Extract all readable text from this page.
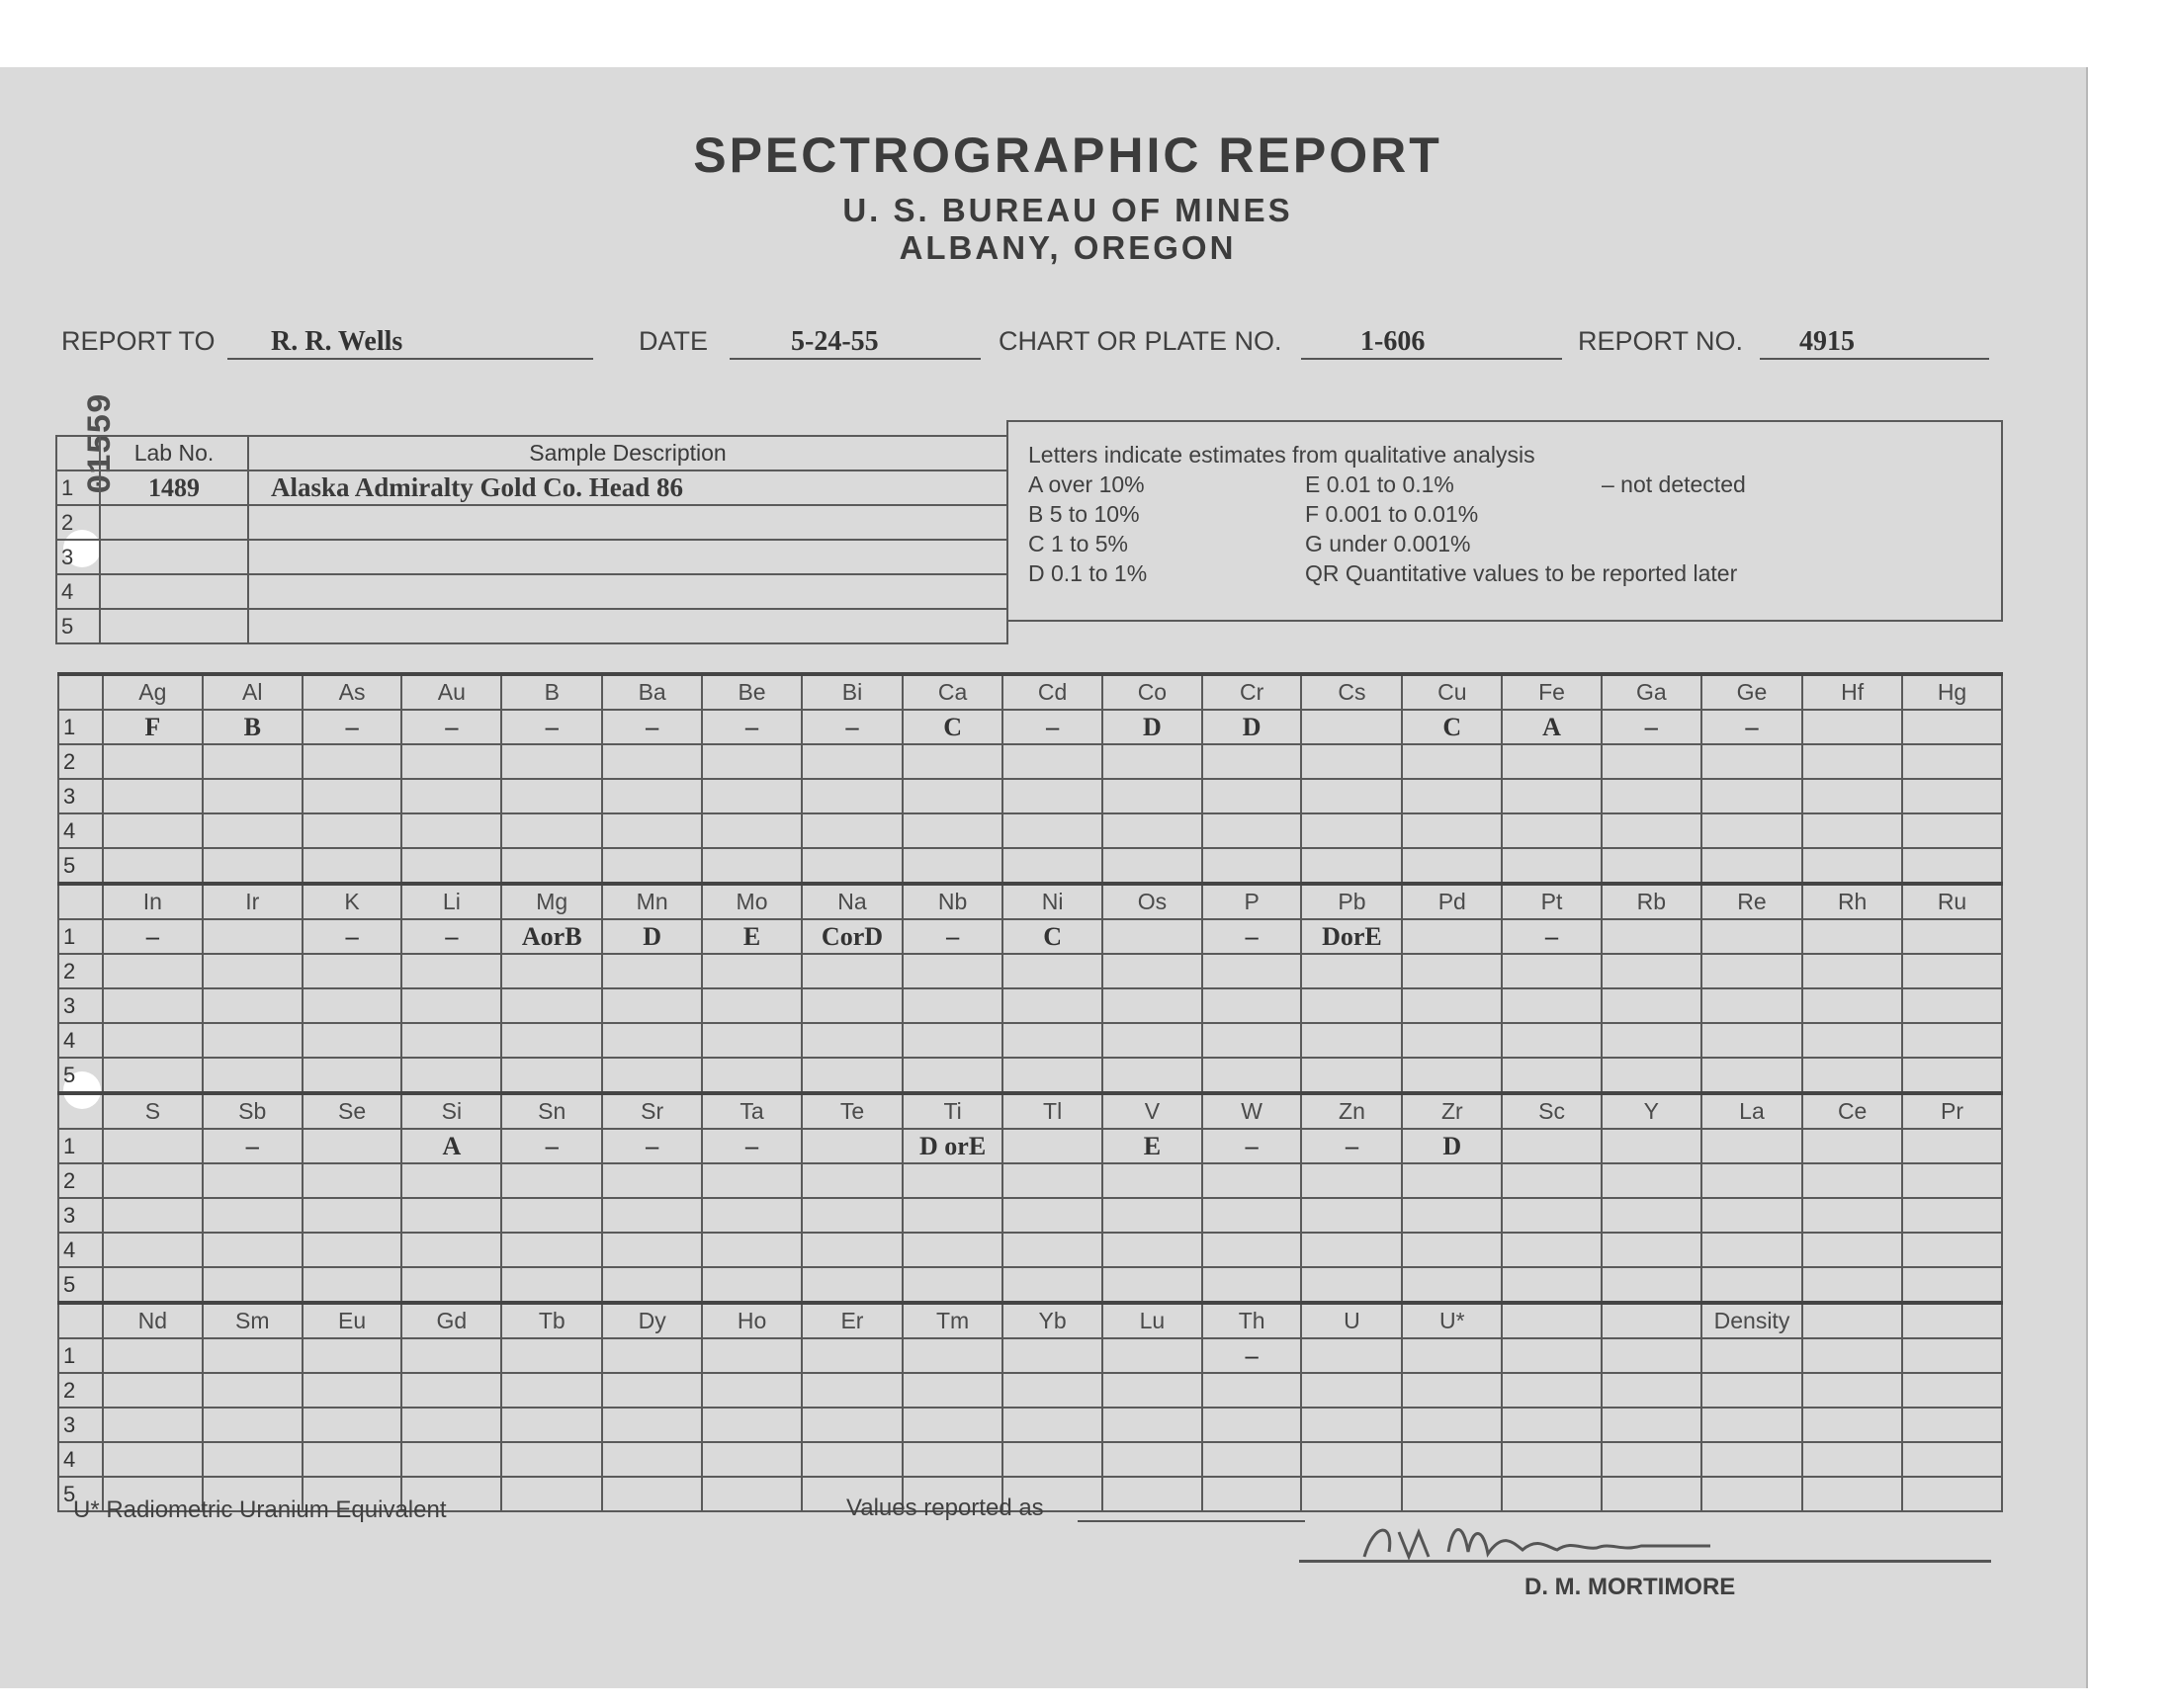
SPECTROGRAPHIC REPORT
U. S. BUREAU OF MINES
ALBANY, OREGON
REPORT TO R. R. Wells	DATE	5-24-55	CHART OR PLATE NO.	1-606	REPORT NO. 4915
01559
	Lab No.	Sample Description
1	1489	Alaska Admiralty Gold Co. Head 86
2		
3		
4		
5		
Letters indicate estimates from qualitative analysis
A over 10%
B 5 to 10%
C 1 to 5%
D 0.1 to 1%
E 0.01 to 0.1%
F 0.001 to 0.01%
G under 0.001%
QR Quantitative values to be reported later
– not detected
	Ag	Al	As	Au	B	Ba	Be	Bi	Ca	Cd	Co	Cr	Cs	Cu	Fe	Ga	Ge	Hf	Hg
1	F	B	–	–	–	–	–	–	C	–	D	D		C	A	–	–		
2																			
3																			
4																			
5																			
	In	Ir	K	Li	Mg	Mn	Mo	Na	Nb	Ni	Os	P	Pb	Pd	Pt	Rb	Re	Rh	Ru
1	–		–	–	AorB	D	E	CorD	–	C		–	DorE		–				
2																			
3																			
4																			
5																			
	S	Sb	Se	Si	Sn	Sr	Ta	Te	Ti	Tl	V	W	Zn	Zr	Sc	Y	La	Ce	Pr
1		–		A	–	–	–		D orE		E	–	–	D					
2																			
3																			
4																			
5																			
	Nd	Sm	Eu	Gd	Tb	Dy	Ho	Er	Tm	Yb	Lu	Th	U	U*			Density		
1												–							
2																			
3																			
4																			
5																			
U* Radiometric Uranium Equivalent	Values reported as
D. M. MORTIMORE
